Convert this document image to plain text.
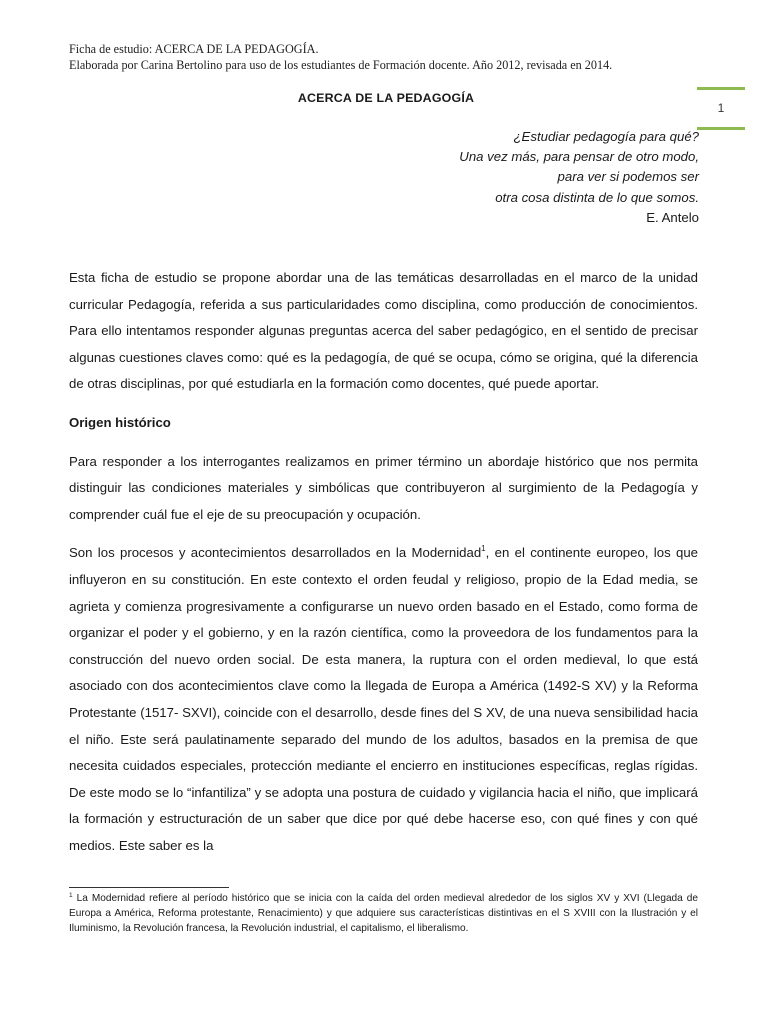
Ficha de estudio: ACERCA DE LA PEDAGOGÍA.
Elaborada por Carina Bertolino para uso de los estudiantes de Formación docente. Año 2012, revisada en 2014.
1
ACERCA DE LA PEDAGOGÍA
¿Estudiar pedagogía para qué?
Una vez más, para pensar de otro modo,
para ver si podemos ser
otra cosa distinta de lo que somos.
E. Antelo

Esta ficha de estudio se propone abordar una de las temáticas desarrolladas en el marco de la unidad curricular Pedagogía, referida a sus particularidades como disciplina, como producción de conocimientos. Para ello intentamos responder algunas preguntas acerca del saber pedagógico, en el sentido de precisar algunas cuestiones claves como: qué es la pedagogía, de qué se ocupa, cómo se origina, qué la diferencia de otras disciplinas, por qué estudiarla en la formación como docentes, qué puede aportar.

Origen histórico

Para responder a los interrogantes realizamos en primer término un abordaje histórico que nos permita distinguir las condiciones materiales y simbólicas que contribuyeron al surgimiento de la Pedagogía y comprender cuál fue el eje de su preocupación y ocupación.

Son los procesos y acontecimientos desarrollados en la Modernidad$^1$, en el continente europeo, los que influyeron en su constitución. En este contexto el orden feudal y religioso, propio de la Edad media, se agrieta y comienza progresivamente a configurarse un nuevo orden basado en el Estado, como forma de organizar el poder y el gobierno, y en la razón científica, como la proveedora de los fundamentos para la construcción del nuevo orden social. De esta manera, la ruptura con el orden medieval, lo que está asociado con dos acontecimientos clave como la llegada de Europa a América (1492-S XV) y la Reforma Protestante (1517- SXVI), coincide con el desarrollo, desde fines del S XV, de una nueva sensibilidad hacia el niño. Este será paulatinamente separado del mundo de los adultos, basados en la premisa de que necesita cuidados especiales, protección mediante el encierro en instituciones específicas, reglas rígidas. De este modo se lo “infantiliza” y se adopta una postura de cuidado y vigilancia hacia el niño, que implicará la formación y estructuración de un saber que dice por qué debe hacerse eso, con qué fines y con qué medios. Este saber es la

$^1$ La Modernidad refiere al período histórico que se inicia con la caída del orden medieval alrededor de los siglos XV y XVI (Llegada de Europa a América, Reforma protestante, Renacimiento) y que adquiere sus características distintivas en el S XVIII con la Ilustración y el Iluminismo, la Revolución francesa, la Revolución industrial, el capitalismo, el liberalismo.
